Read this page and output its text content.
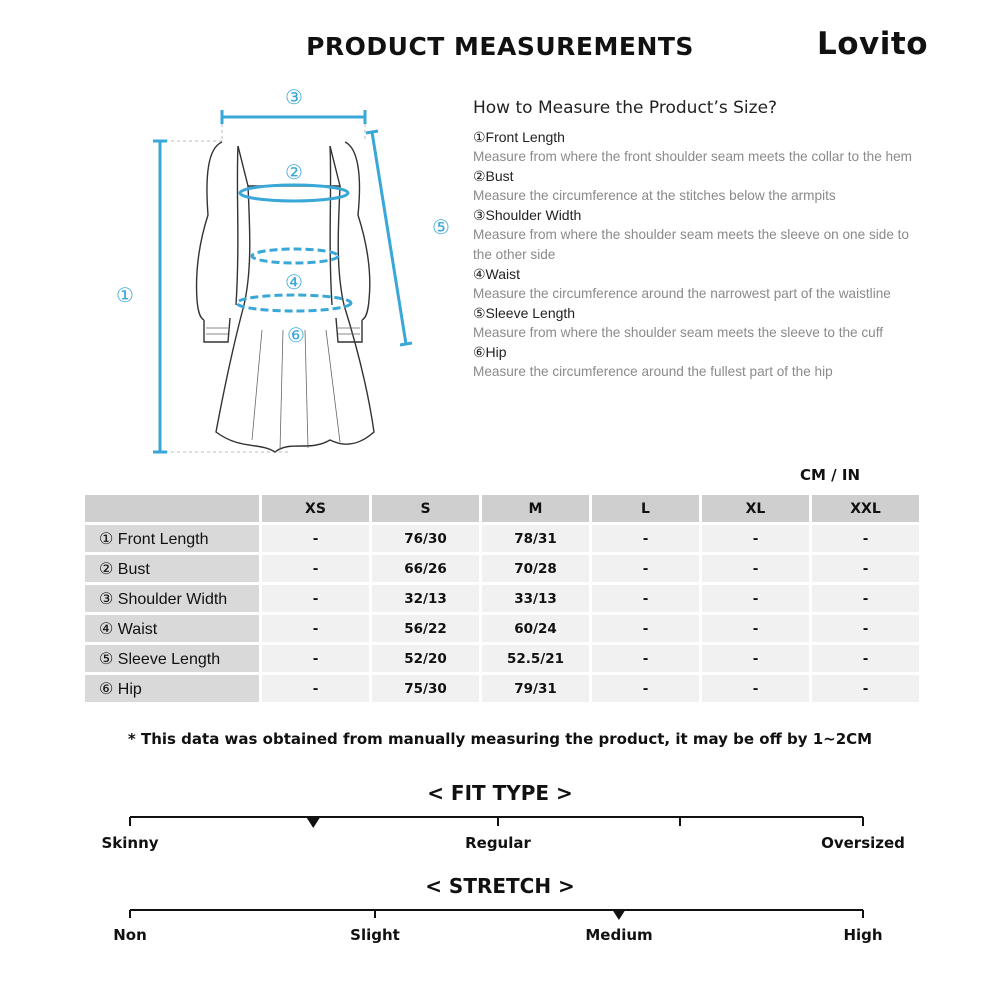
PRODUCT MEASUREMENTS	Lovito
③
②
④
⑥
①
⑤
How to Measure the Product’s Size?
①Front Length
Measure from where the front shoulder seam meets the collar to the hem
②Bust
Measure the circumference at the stitches below the armpits
③Shoulder Width
Measure from where the shoulder seam meets the sleeve on one side to the other side
④Waist
Measure the circumference around the narrowest part of the waistline
⑤Sleeve Length
Measure from where the shoulder seam meets the sleeve to the cuff
⑥Hip
Measure the circumference around the fullest part of the hip
CM / IN
	XS	S	M	L	XL	XXL
① Front Length	-	76/30	78/31	-	-	-
② Bust	-	66/26	70/28	-	-	-
③ Shoulder Width	-	32/13	33/13	-	-	-
④ Waist	-	56/22	60/24	-	-	-
⑤ Sleeve Length	-	52/20	52.5/21	-	-	-
⑥ Hip	-	75/30	79/31	-	-	-
* This data was obtained from manually measuring the product, it may be off by 1~2CM
< FIT TYPE >
Skinny	Regular	Oversized
< STRETCH >
Non	Slight	Medium	High
